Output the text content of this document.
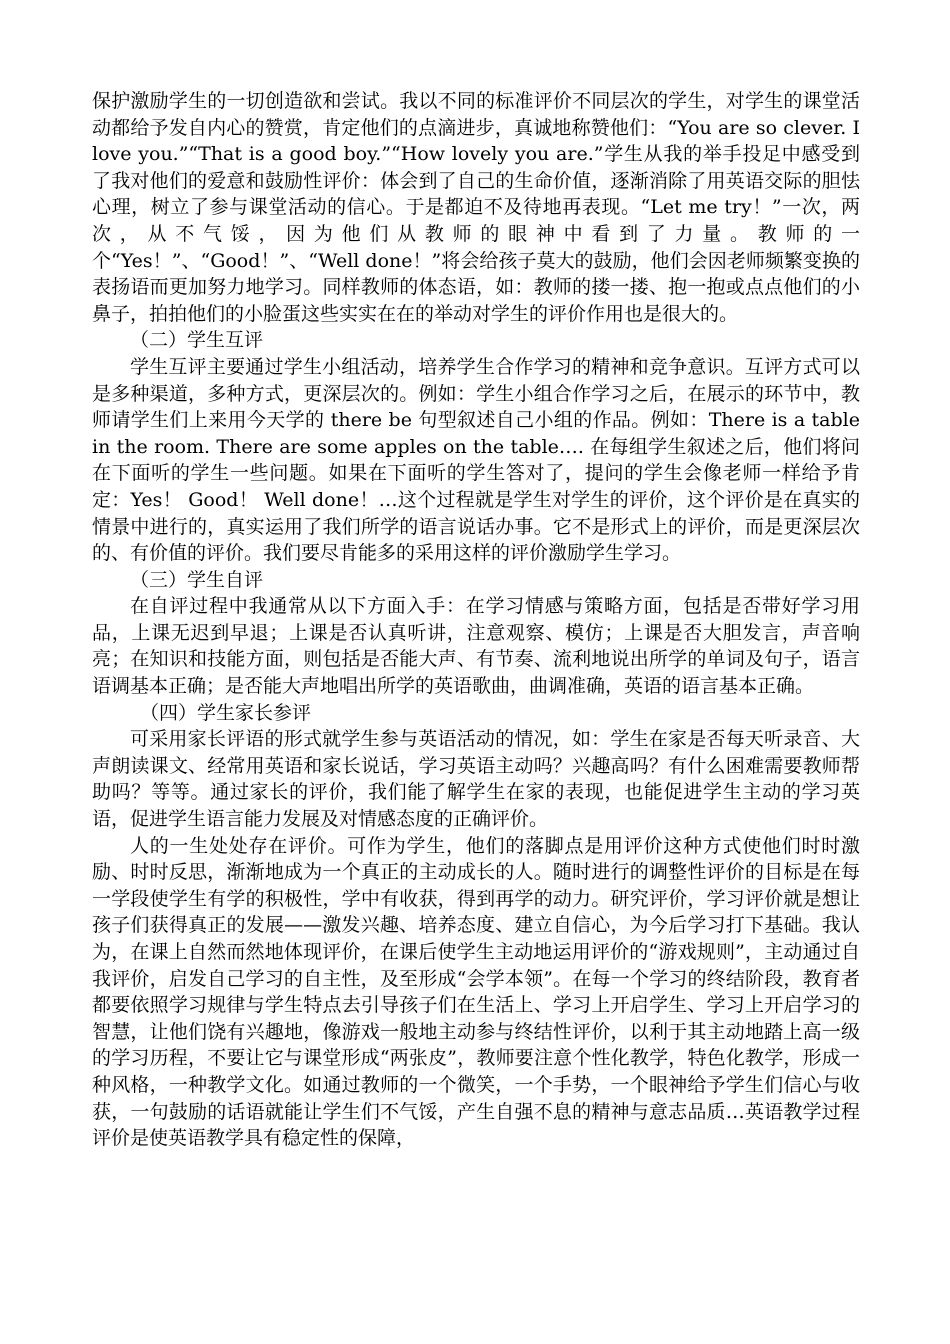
保护激励学生的一切创造欲和尝试。我以不同的标准评价不同层次的学生，对学生的课堂活动都给予发自内心的赞赏，肯定他们的点滴进步，真诚地称赞他们：“You are so clever. I love you.”“That is a good boy.”“How lovely you are.”学生从我的举手投足中感受到了我对他们的爱意和鼓励性评价：体会到了自己的生命价值，逐渐消除了用英语交际的胆怯心理，树立了参与课堂活动的信心。于是都迫不及待地再表现。“Let me try！”一次，两次，从不气馁，因为他们从教师的眼神中看到了力量。教师的一个“Yes！”、“Good！”、“Well done！”将会给孩子莫大的鼓励，他们会因老师频繁变换的表扬语而更加努力地学习。同样教师的体态语，如：教师的搂一搂、抱一抱或点点他们的小鼻子，拍拍他们的小脸蛋这些实实在在的举动对学生的评价作用也是很大的。

（二）学生互评

学生互评主要通过学生小组活动，培养学生合作学习的精神和竞争意识。互评方式可以是多种渠道，多种方式，更深层次的。例如：学生小组合作学习之后，在展示的环节中，教师请学生们上来用今天学的 there be 句型叙述自己小组的作品。例如：There is a table in the room. There are some apples on the table…. 在每组学生叙述之后，他们将问在下面听的学生一些问题。如果在下面听的学生答对了，提问的学生会像老师一样给予肯定：Yes！ Good！ Well done！…这个过程就是学生对学生的评价，这个评价是在真实的情景中进行的，真实运用了我们所学的语言说话办事。它不是形式上的评价，而是更深层次的、有价值的评价。我们要尽肯能多的采用这样的评价激励学生学习。

（三）学生自评

在自评过程中我通常从以下方面入手：在学习情感与策略方面，包括是否带好学习用品，上课无迟到早退；上课是否认真听讲，注意观察、模仿；上课是否大胆发言，声音响亮；在知识和技能方面，则包括是否能大声、有节奏、流利地说出所学的单词及句子，语言语调基本正确；是否能大声地唱出所学的英语歌曲，曲调准确，英语的语言基本正确。

（四）学生家长参评

可采用家长评语的形式就学生参与英语活动的情况，如：学生在家是否每天听录音、大声朗读课文、经常用英语和家长说话，学习英语主动吗？兴趣高吗？有什么困难需要教师帮助吗？等等。通过家长的评价，我们能了解学生在家的表现，也能促进学生主动的学习英语，促进学生语言能力发展及对情感态度的正确评价。

人的一生处处存在评价。可作为学生，他们的落脚点是用评价这种方式使他们时时激励、时时反思，渐渐地成为一个真正的主动成长的人。随时进行的调整性评价的目标是在每一学段使学生有学的积极性，学中有收获，得到再学的动力。研究评价，学习评价就是想让孩子们获得真正的发展——激发兴趣、培养态度、建立自信心，为今后学习打下基础。我认为，在课上自然而然地体现评价，在课后使学生主动地运用评价的“游戏规则”，主动通过自我评价，启发自己学习的自主性，及至形成“会学本领”。在每一个学习的终结阶段，教育者都要依照学习规律与学生特点去引导孩子们在生活上、学习上开启学生、学习上开启学习的智慧，让他们饶有兴趣地，像游戏一般地主动参与终结性评价，以利于其主动地踏上高一级的学习历程，不要让它与课堂形成“两张皮”，教师要注意个性化教学，特色化教学，形成一种风格，一种教学文化。如通过教师的一个微笑，一个手势，一个眼神给予学生们信心与收获，一句鼓励的话语就能让学生们不气馁，产生自强不息的精神与意志品质…英语教学过程评价是使英语教学具有稳定性的保障，
